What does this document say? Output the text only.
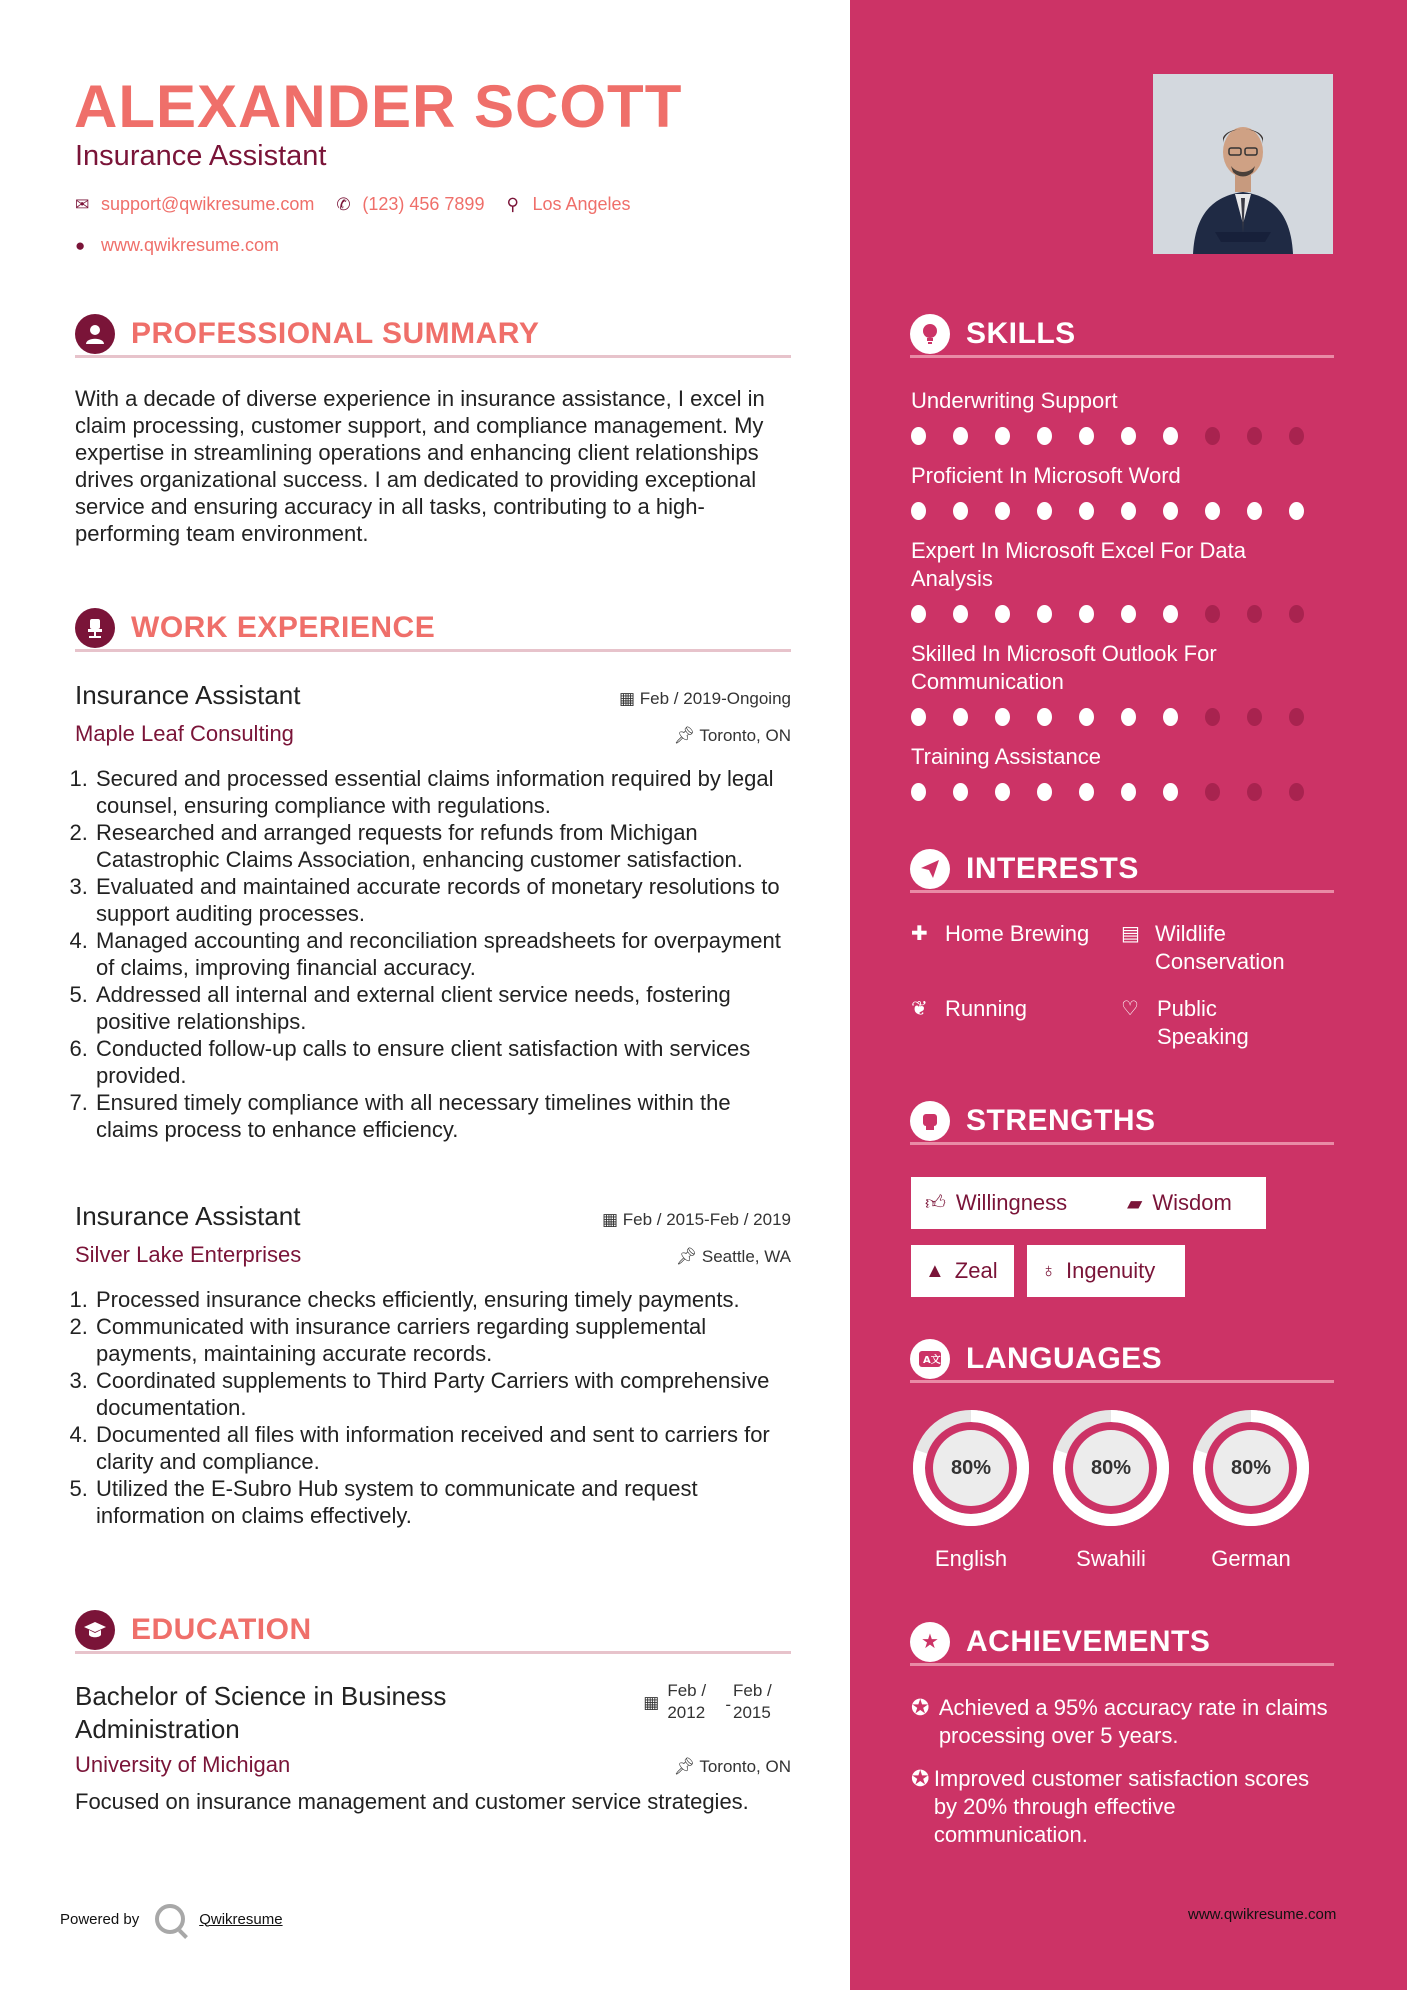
ALEXANDER SCOTT
Insurance Assistant
✉ support@qwikresume.com ✆ (123) 456 7899 ⚲ Los Angeles
● www.qwikresume.com
PROFESSIONAL SUMMARY
With a decade of diverse experience in insurance assistance, I excel in claim processing, customer support, and compliance management. My expertise in streamlining operations and enhancing client relationships drives organizational success. I am dedicated to providing exceptional service and ensuring accuracy in all tasks, contributing to a high-performing team environment.
WORK EXPERIENCE
Insurance Assistant	▦ Feb / 2019-Ongoing
Maple Leaf Consulting	📌︎ Toronto, ON
1. Secured and processed essential claims information required by legal counsel, ensuring compliance with regulations.
2. Researched and arranged requests for refunds from Michigan Catastrophic Claims Association, enhancing customer satisfaction.
3. Evaluated and maintained accurate records of monetary resolutions to support auditing processes.
4. Managed accounting and reconciliation spreadsheets for overpayment of claims, improving financial accuracy.
5. Addressed all internal and external client service needs, fostering positive relationships.
6. Conducted follow-up calls to ensure client satisfaction with services provided.
7. Ensured timely compliance with all necessary timelines within the claims process to enhance efficiency.
Insurance Assistant	▦ Feb / 2015-Feb / 2019
Silver Lake Enterprises	📌︎ Seattle, WA
1. Processed insurance checks efficiently, ensuring timely payments.
2. Communicated with insurance carriers regarding supplemental payments, maintaining accurate records.
3. Coordinated supplements to Third Party Carriers with comprehensive documentation.
4. Documented all files with information received and sent to carriers for clarity and compliance.
5. Utilized the E-Subro Hub system to communicate and request information on claims effectively.
EDUCATION
Bachelor of Science in Business Administration
▦
Feb / 2012	-
Feb / 2015
University of Michigan	📌︎ Toronto, ON
Focused on insurance management and customer service strategies.
Powered by	Qwikresume
SKILLS
Underwriting Support
Proficient In Microsoft Word
Expert In Microsoft Excel For Data Analysis
Skilled In Microsoft Outlook For Communication
Training Assistance
INTERESTS
✚ Home Brewing ▤ Wildlife Conservation
❦ Running	♡ Public Speaking
STRENGTHS
👍︎ Willingness	▰ Wisdom
▲ Zeal ♁ Ingenuity
A文 LANGUAGES
80%
English
80%
Swahili
80%
German
★ ACHIEVEMENTS
✪ Achieved a 95% accuracy rate in claims processing over 5 years.
✪ Improved customer satisfaction scores by 20% through effective communication.
www.qwikresume.com
